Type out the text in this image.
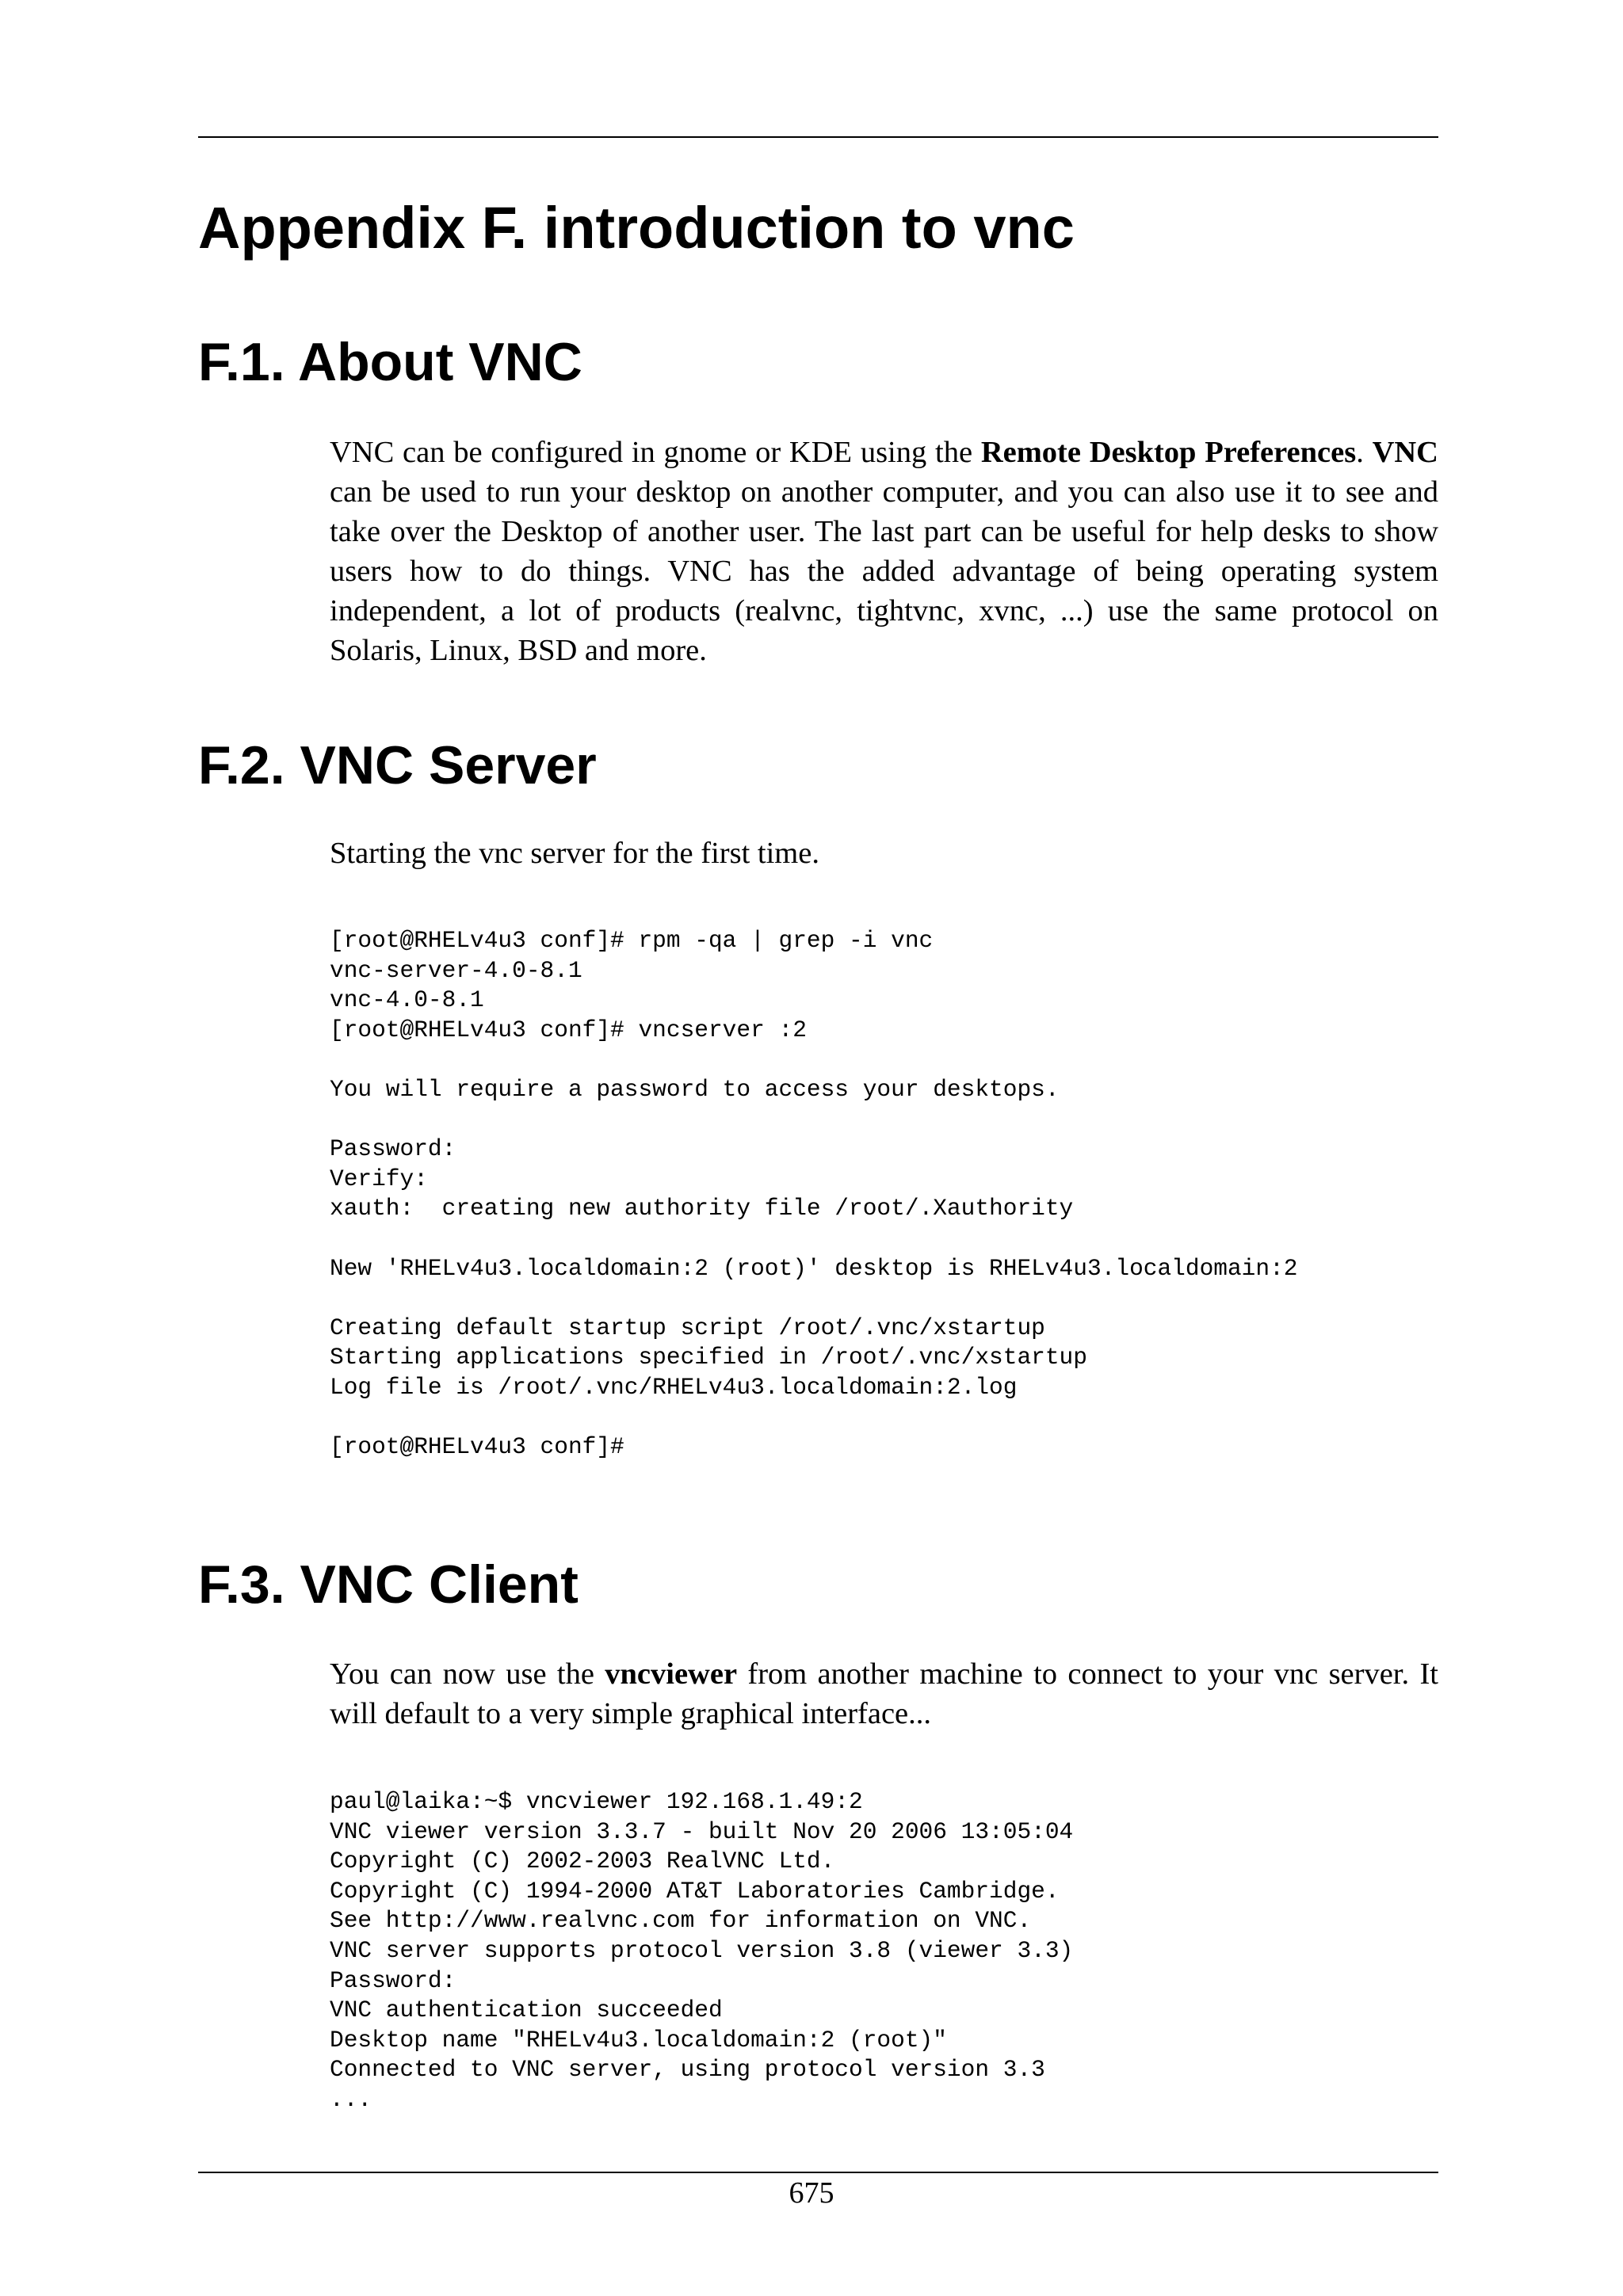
Appendix F. introduction to vnc
F.1. About VNC

VNC can be configured in gnome or KDE using the Remote Desktop Preferences. VNC can be used to run your desktop on another computer, and you can also use it to see and take over the Desktop of another user. The last part can be useful for help desks to show users how to do things. VNC has the added advantage of being operating system independent, a lot of products (realvnc, tightvnc, xvnc, ...) use the same protocol on Solaris, Linux, BSD and more.

F.2. VNC Server

Starting the vnc server for the first time.

[root@RHELv4u3 conf]# rpm -qa | grep -i vnc
vnc-server-4.0-8.1
vnc-4.0-8.1
[root@RHELv4u3 conf]# vncserver :2

You will require a password to access your desktops.

Password:
Verify:
xauth:  creating new authority file /root/.Xauthority

New 'RHELv4u3.localdomain:2 (root)' desktop is RHELv4u3.localdomain:2

Creating default startup script /root/.vnc/xstartup
Starting applications specified in /root/.vnc/xstartup
Log file is /root/.vnc/RHELv4u3.localdomain:2.log

[root@RHELv4u3 conf]#
F.3. VNC Client

You can now use the vncviewer from another machine to connect to your vnc server. It will default to a very simple graphical interface...

paul@laika:~$ vncviewer 192.168.1.49:2
VNC viewer version 3.3.7 - built Nov 20 2006 13:05:04
Copyright (C) 2002-2003 RealVNC Ltd.
Copyright (C) 1994-2000 AT&T Laboratories Cambridge.
See http://www.realvnc.com for information on VNC.
VNC server supports protocol version 3.8 (viewer 3.3)
Password:
VNC authentication succeeded
Desktop name "RHELv4u3.localdomain:2 (root)"
Connected to VNC server, using protocol version 3.3
...
675
